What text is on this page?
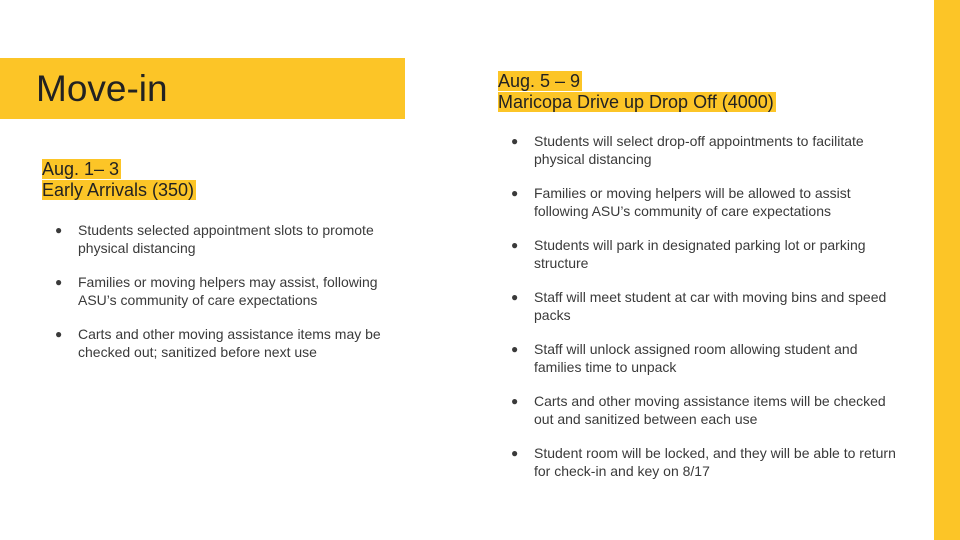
Move-in
Aug. 1– 3
Early Arrivals (350)
● Students selected appointment slots to promote physical distancing
● Families or moving helpers may assist, following ASU’s community of care expectations
● Carts and other moving assistance items may be checked out; sanitized before next use
Aug. 5 – 9
Maricopa Drive up Drop Off (4000)
● Students will select drop-off appointments to facilitate physical distancing
● Families or moving helpers will be allowed to assist following ASU’s community of care expectations
● Students will park in designated parking lot or parking structure
● Staff will meet student at car with moving bins and speed packs
● Staff will unlock assigned room allowing student and families time to unpack
● Carts and other moving assistance items will be checked out and sanitized between each use
● Student room will be locked, and they will be able to return for check-in and key on 8/17
